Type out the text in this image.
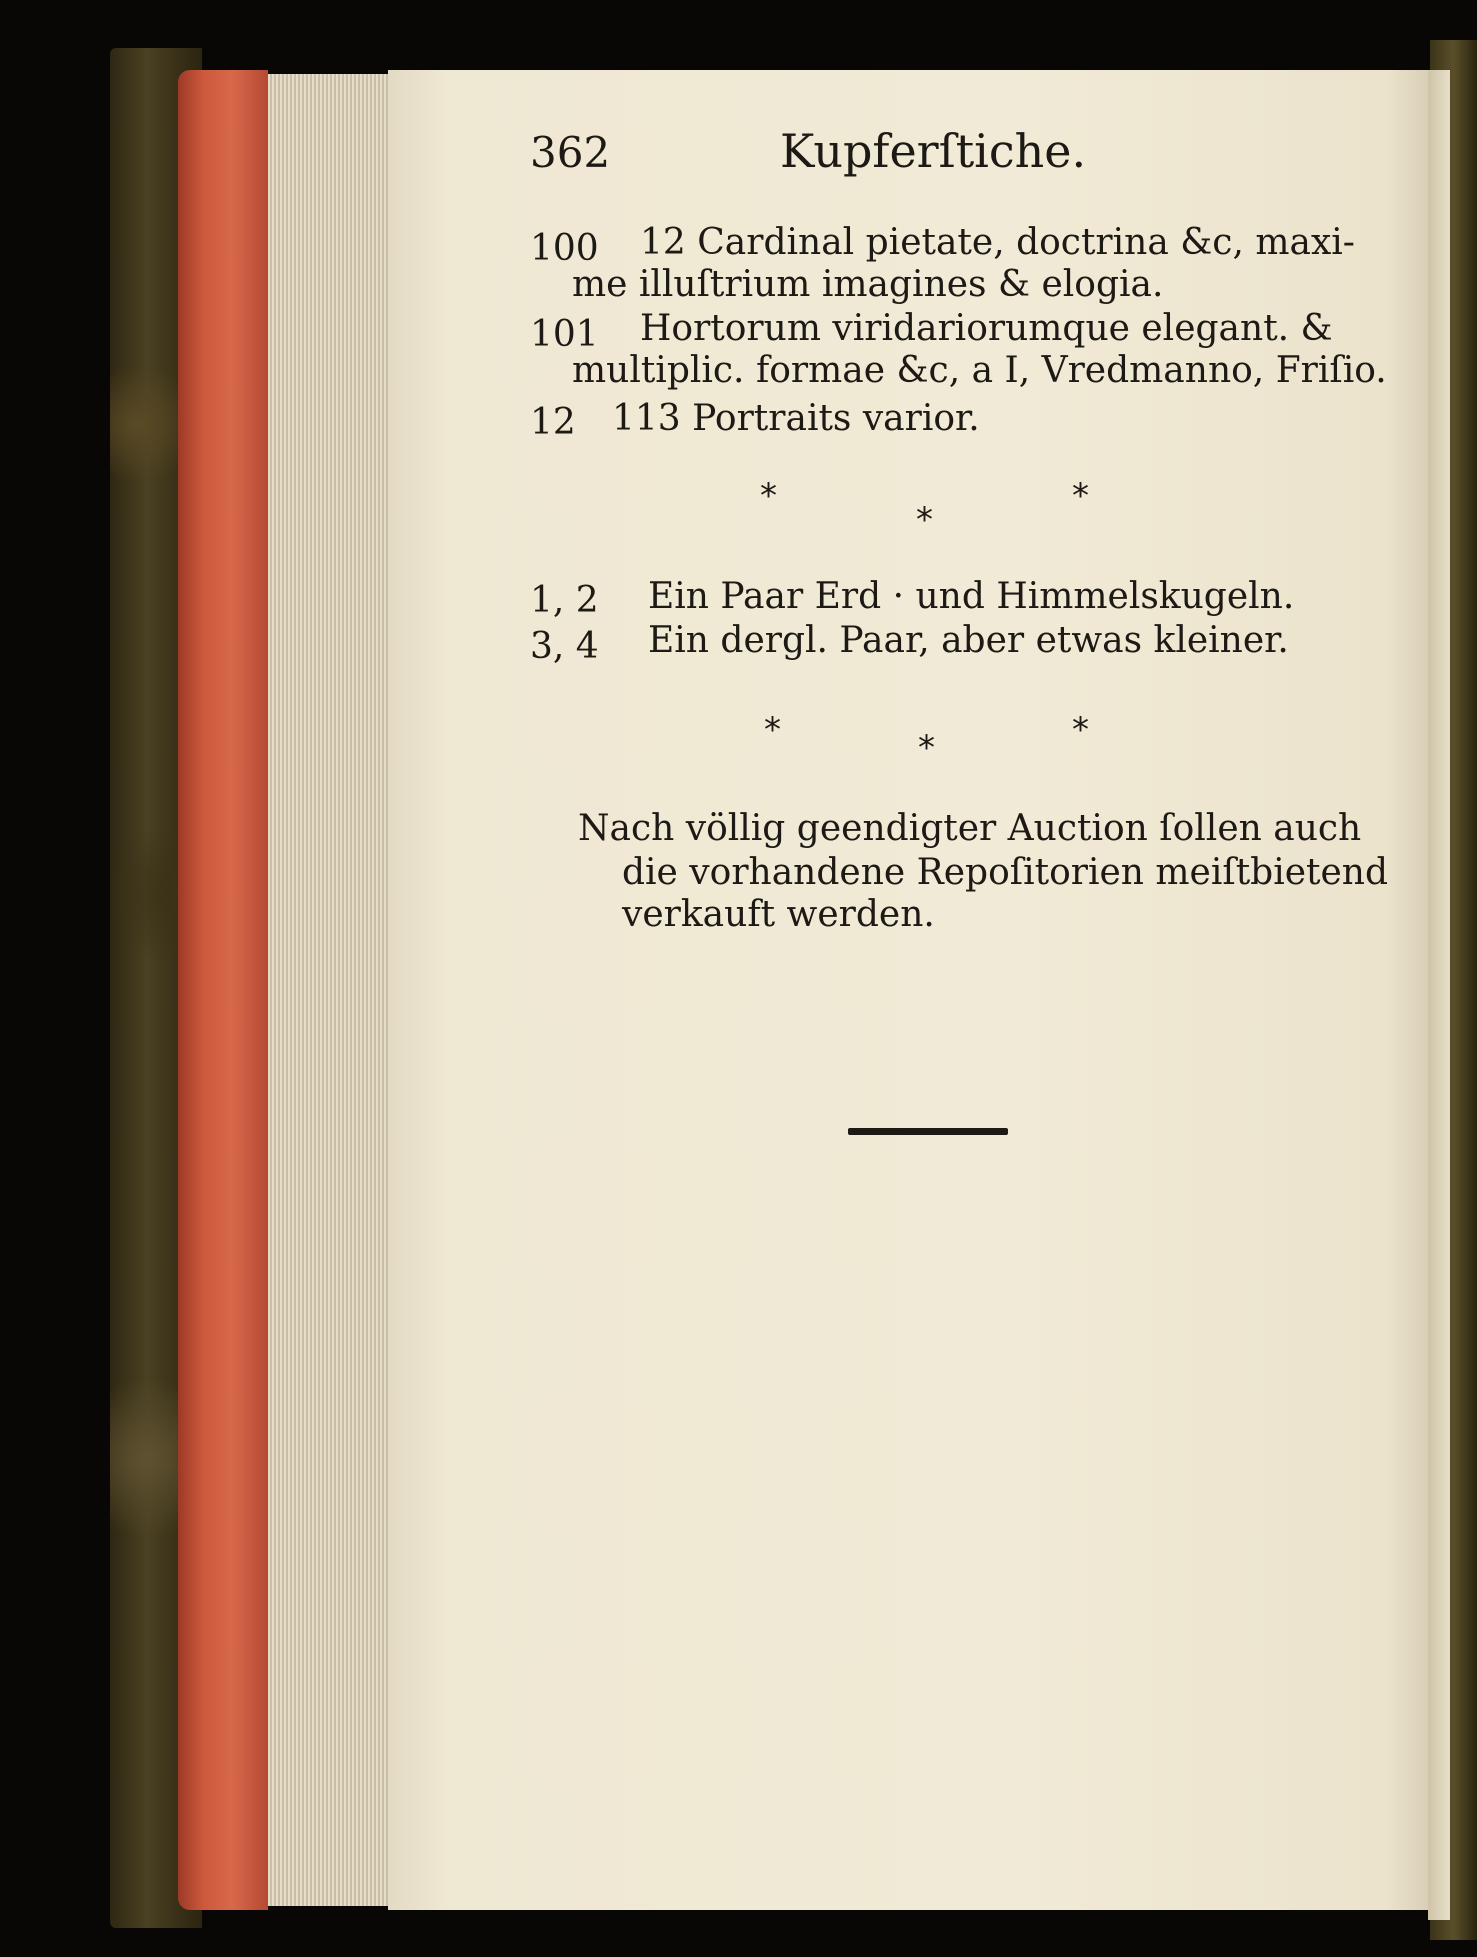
362	Kupferſtiche.
100 12 Cardinal pietate, doctrina &c, maxi-
me illuſtrium imagines & elogia.
101 Hortorum viridariorumque elegant. &
multiplic. formae &c, a I, Vredmanno, Friſio.
12 113 Portraits varior.
*	*
*
1, 2 Ein Paar Erd · und Himmelskugeln.
3, 4 Ein dergl. Paar, aber etwas kleiner.
*	*	*
Nach völlig geendigter Auction ſollen auch
die vorhandene Repoſitorien meiſtbietend
verkauft werden.
